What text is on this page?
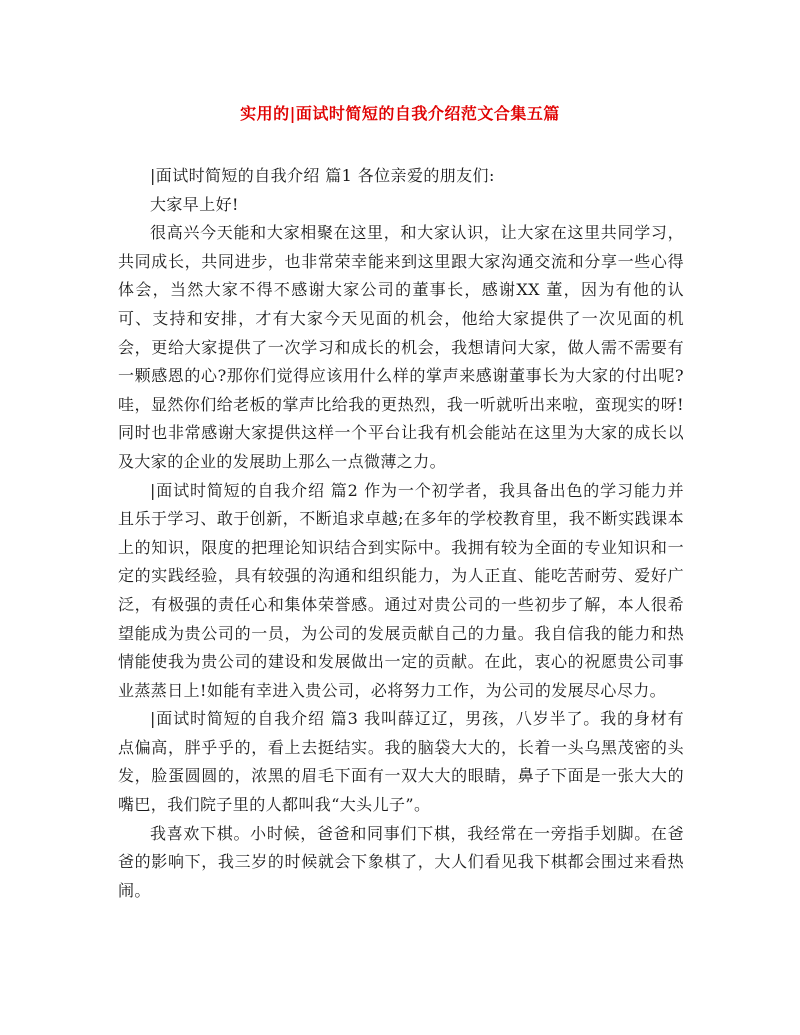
实用的|面试时简短的自我介绍范文合集五篇

|面试时简短的自我介绍 篇1 各位亲爱的朋友们:

大家早上好!

很高兴今天能和大家相聚在这里，和大家认识，让大家在这里共同学习，共同成长，共同进步，也非常荣幸能来到这里跟大家沟通交流和分享一些心得体会，当然大家不得不感谢大家公司的董事长，感谢XX 董，因为有他的认可、支持和安排，才有大家今天见面的机会，他给大家提供了一次见面的机会，更给大家提供了一次学习和成长的机会，我想请问大家，做人需不需要有一颗感恩的心?那你们觉得应该用什么样的掌声来感谢董事长为大家的付出呢?哇，显然你们给老板的掌声比给我的更热烈，我一听就听出来啦，蛮现实的呀!同时也非常感谢大家提供这样一个平台让我有机会能站在这里为大家的成长以及大家的企业的发展助上那么一点微薄之力。

|面试时简短的自我介绍 篇2 作为一个初学者，我具备出色的学习能力并且乐于学习、敢于创新，不断追求卓越;在多年的学校教育里，我不断实践课本上的知识，限度的把理论知识结合到实际中。我拥有较为全面的专业知识和一定的实践经验，具有较强的沟通和组织能力，为人正直、能吃苦耐劳、爱好广泛，有极强的责任心和集体荣誉感。通过对贵公司的一些初步了解，本人很希望能成为贵公司的一员，为公司的发展贡献自己的力量。我自信我的能力和热情能使我为贵公司的建设和发展做出一定的贡献。在此，衷心的祝愿贵公司事业蒸蒸日上!如能有幸进入贵公司，必将努力工作，为公司的发展尽心尽力。

|面试时简短的自我介绍 篇3 我叫薛辽辽，男孩，八岁半了。我的身材有点偏高，胖乎乎的，看上去挺结实。我的脑袋大大的，长着一头乌黑茂密的头发，脸蛋圆圆的，浓黑的眉毛下面有一双大大的眼睛，鼻子下面是一张大大的嘴巴，我们院子里的人都叫我“大头儿子”。

我喜欢下棋。小时候，爸爸和同事们下棋，我经常在一旁指手划脚。在爸爸的影响下，我三岁的时候就会下象棋了，大人们看见我下棋都会围过来看热闹。
